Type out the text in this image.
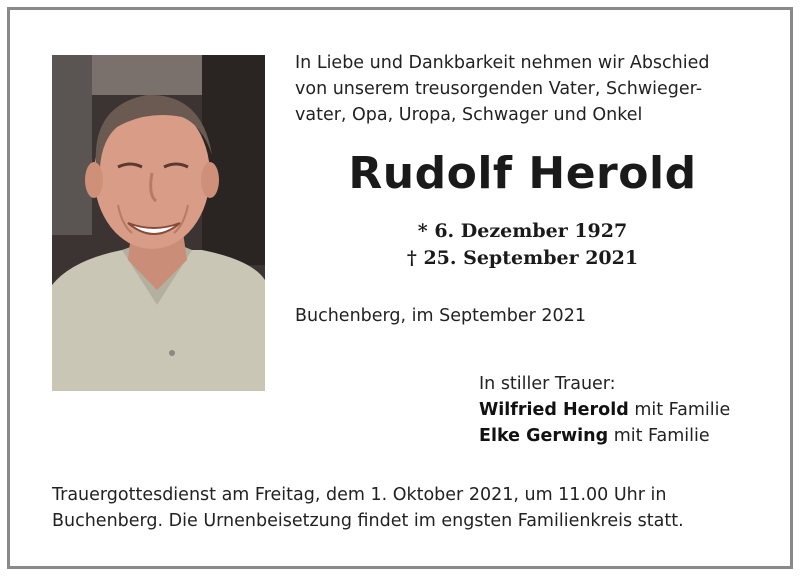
In Liebe und Dankbarkeit nehmen wir Abschied
von unserem treusorgenden Vater, Schwieger-
vater, Opa, Uropa, Schwager und Onkel
Rudolf Herold
* 6. Dezember 1927
† 25. September 2021
Buchenberg, im September 2021
In stiller Trauer:
Wilfried Herold mit Familie
Elke Gerwing mit Familie
Trauergottesdienst am Freitag, dem 1. Oktober 2021, um 11.00 Uhr in
Buchenberg. Die Urnenbeisetzung findet im engsten Familienkreis statt.
